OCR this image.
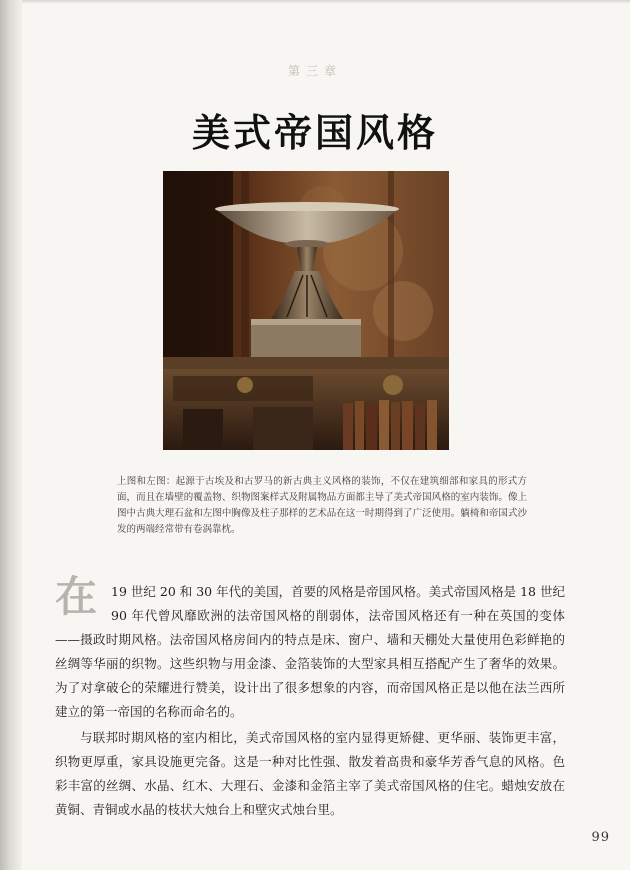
第三章
美式帝国风格

上图和左图：起源于古埃及和古罗马的新古典主义风格的装饰，不仅在建筑细部和家具的形式方面，而且在墙壁的覆盖物、织物图案样式及附属物品方面都主导了美式帝国风格的室内装饰。像上图中古典大理石盆和左图中胸像及柱子那样的艺术品在这一时期得到了广泛使用。躺椅和帝国式沙发的两端经常带有卷涡靠枕。

在 19 世纪 20 和 30 年代的美国，首要的风格是帝国风格。美式帝国风格是 18 世纪 90 年代曾风靡欧洲的法帝国风格的削弱体，法帝国风格还有一种在英国的变体——摄政时期风格。法帝国风格房间内的特点是床、窗户、墙和天棚处大量使用色彩鲜艳的丝绸等华丽的织物。这些织物与用金漆、金箔装饰的大型家具相互搭配产生了奢华的效果。为了对拿破仑的荣耀进行赞美，设计出了很多想象的内容，而帝国风格正是以他在法兰西所建立的第一帝国的名称而命名的。

与联邦时期风格的室内相比，美式帝国风格的室内显得更矫健、更华丽、装饰更丰富，织物更厚重，家具设施更完备。这是一种对比性强、散发着高贵和豪华芳香气息的风格。色彩丰富的丝绸、水晶、红木、大理石、金漆和金箔主宰了美式帝国风格的住宅。蜡烛安放在黄铜、青铜或水晶的枝状大烛台上和壁灾式烛台里。

99
